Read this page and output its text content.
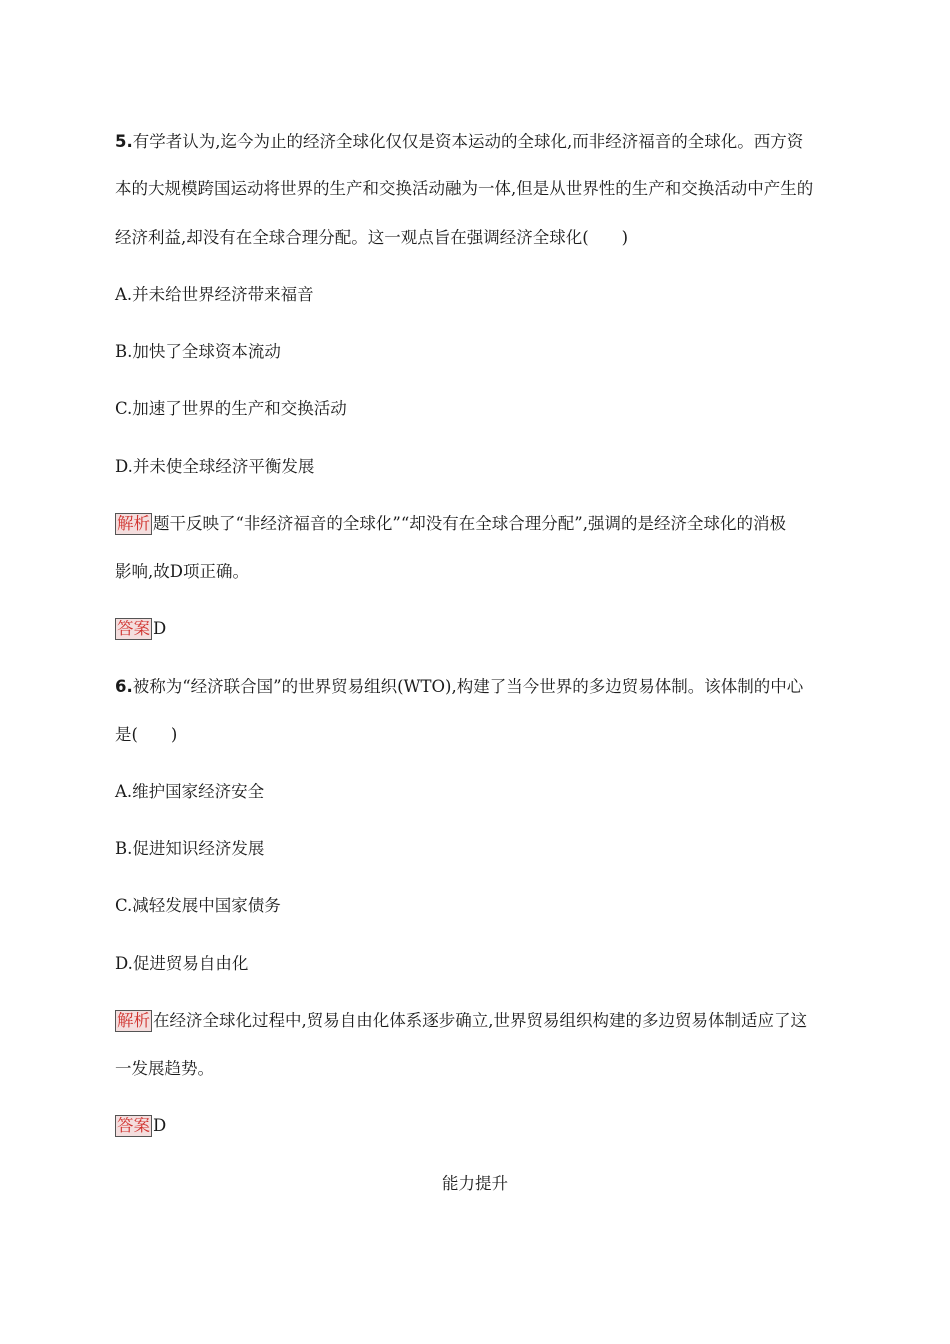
5.有学者认为,迄今为止的经济全球化仅仅是资本运动的全球化,而非经济福音的全球化。西方资
本的大规模跨国运动将世界的生产和交换活动融为一体,但是从世界性的生产和交换活动中产生的
经济利益,却没有在全球合理分配。这一观点旨在强调经济全球化(　　)
A.并未给世界经济带来福音
B.加快了全球资本流动
C.加速了世界的生产和交换活动
D.并未使全球经济平衡发展
解析 题干反映了“非经济福音的全球化”“却没有在全球合理分配”,强调的是经济全球化的消极
影响,故D项正确。
答案 D
6.被称为“经济联合国”的世界贸易组织(WTO),构建了当今世界的多边贸易体制。该体制的中心
是(　　)
A.维护国家经济安全
B.促进知识经济发展
C.减轻发展中国家债务
D.促进贸易自由化
解析 在经济全球化过程中,贸易自由化体系逐步确立,世界贸易组织构建的多边贸易体制适应了这
一发展趋势。
答案 D
能力提升
